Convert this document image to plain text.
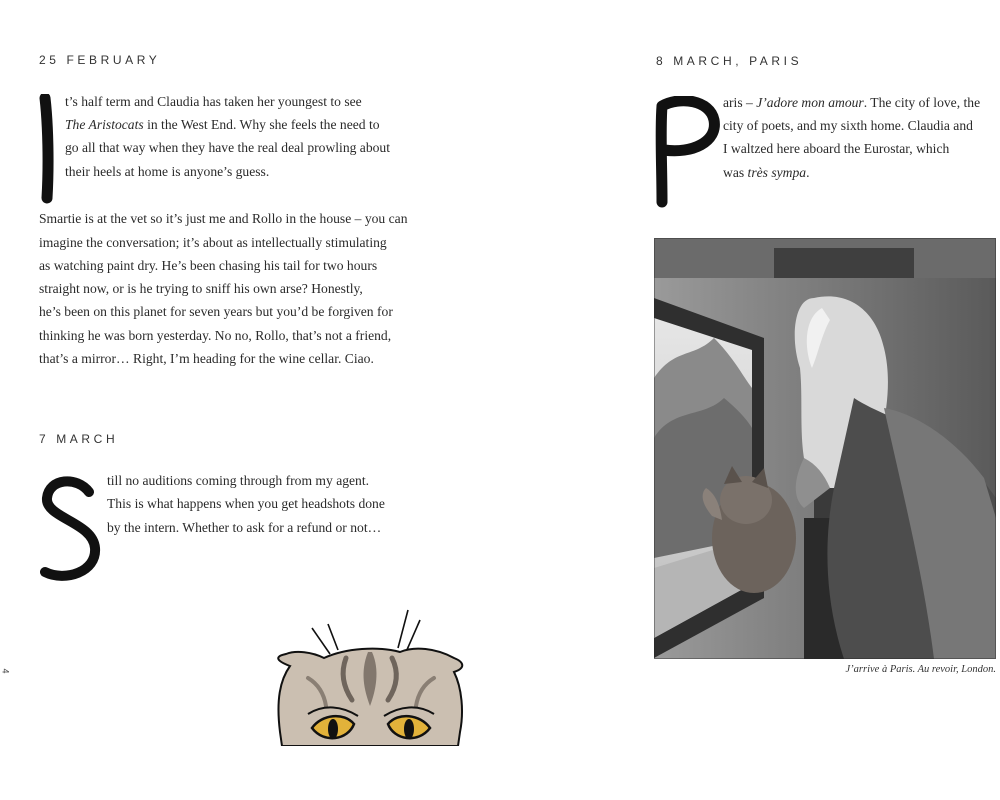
25 FEBRUARY

t’s half term and Claudia has taken her youngest to see

The Aristocats in the West End. Why she feels the need to

go all that way when they have the real deal prowling about

their heels at home is anyone’s guess.

Smartie is at the vet so it’s just me and Rollo in the house – you can

imagine the conversation; it’s about as intellectually stimulating

as watching paint dry. He’s been chasing his tail for two hours

straight now, or is he trying to sniff his own arse? Honestly,

he’s been on this planet for seven years but you’d be forgiven for

thinking he was born yesterday. No no, Rollo, that’s not a friend,

that’s a mirror… Right, I’m heading for the wine cellar. Ciao.

7 MARCH

till no auditions coming through from my agent.

This is what happens when you get headshots done

by the intern. Whether to ask for a refund or not…

4
8 MARCH, PARIS

aris – J’adore mon amour. The city of love, the

city of poets, and my sixth home. Claudia and

I waltzed here aboard the Eurostar, which

was très sympa.

J’arrive à Paris. Au revoir, London.
